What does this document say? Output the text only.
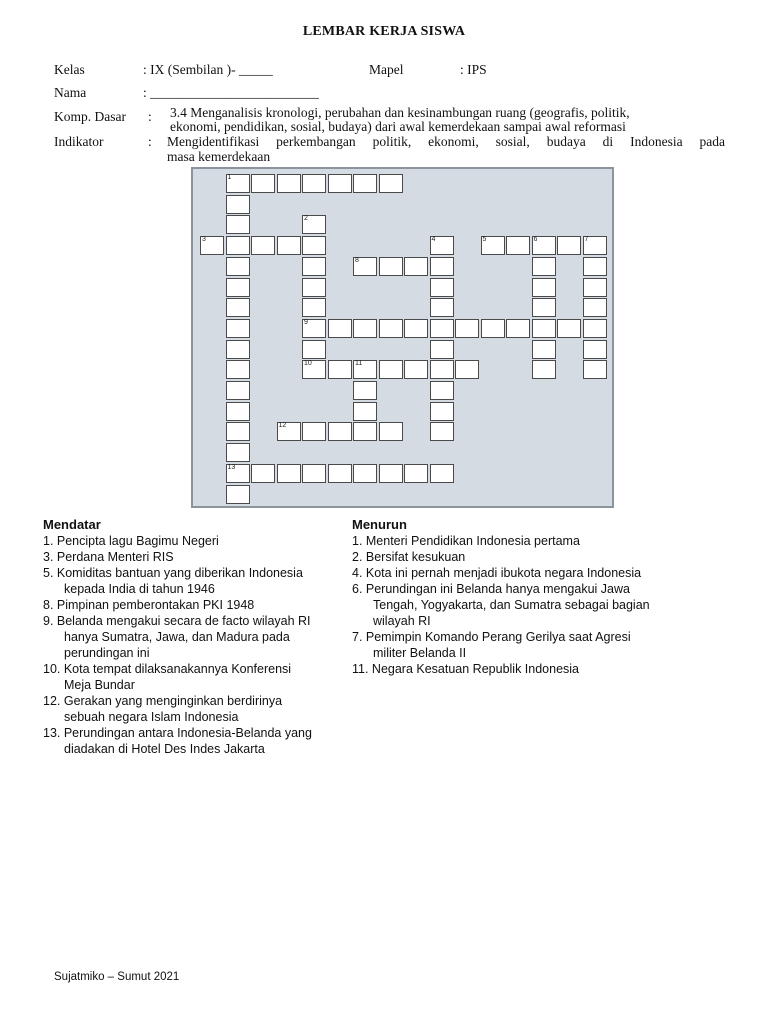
LEMBAR KERJA SISWA
Kelas	: IX (Sembilan )- _____	Mapel	: IPS
Nama	: _________________________
Komp. Dasar : 3.4 Menganalisis kronologi, perubahan dan kesinambungan ruang (geografis, politik,
ekonomi, pendidikan, sosial, budaya) dari awal kemerdekaan sampai awal reformasi
Indikator	: Mengidentifikasi perkembangan politik, ekonomi, sosial, budaya di Indonesia pada
masa kemerdekaan
1
3	5	6	7
8
9
10	11
12
13
2
4
Mendatar
1. Pencipta lagu Bagimu Negeri
3. Perdana Menteri RIS
5. Komiditas bantuan yang diberikan Indonesia
kepada India di tahun 1946
8. Pimpinan pemberontakan PKI 1948
9. Belanda mengakui secara de facto wilayah RI
hanya Sumatra, Jawa, dan Madura pada
perundingan ini
10. Kota tempat dilaksanakannya Konferensi
Meja Bundar
12. Gerakan yang menginginkan berdirinya
sebuah negara Islam Indonesia
13. Perundingan antara Indonesia-Belanda yang
diadakan di Hotel Des Indes Jakarta
Menurun
1. Menteri Pendidikan Indonesia pertama
2. Bersifat kesukuan
4. Kota ini pernah menjadi ibukota negara Indonesia
6. Perundingan ini Belanda hanya mengakui Jawa
Tengah, Yogyakarta, dan Sumatra sebagai bagian
wilayah RI
7. Pemimpin Komando Perang Gerilya saat Agresi
militer Belanda II
11. Negara Kesatuan Republik Indonesia
Sujatmiko – Sumut 2021
